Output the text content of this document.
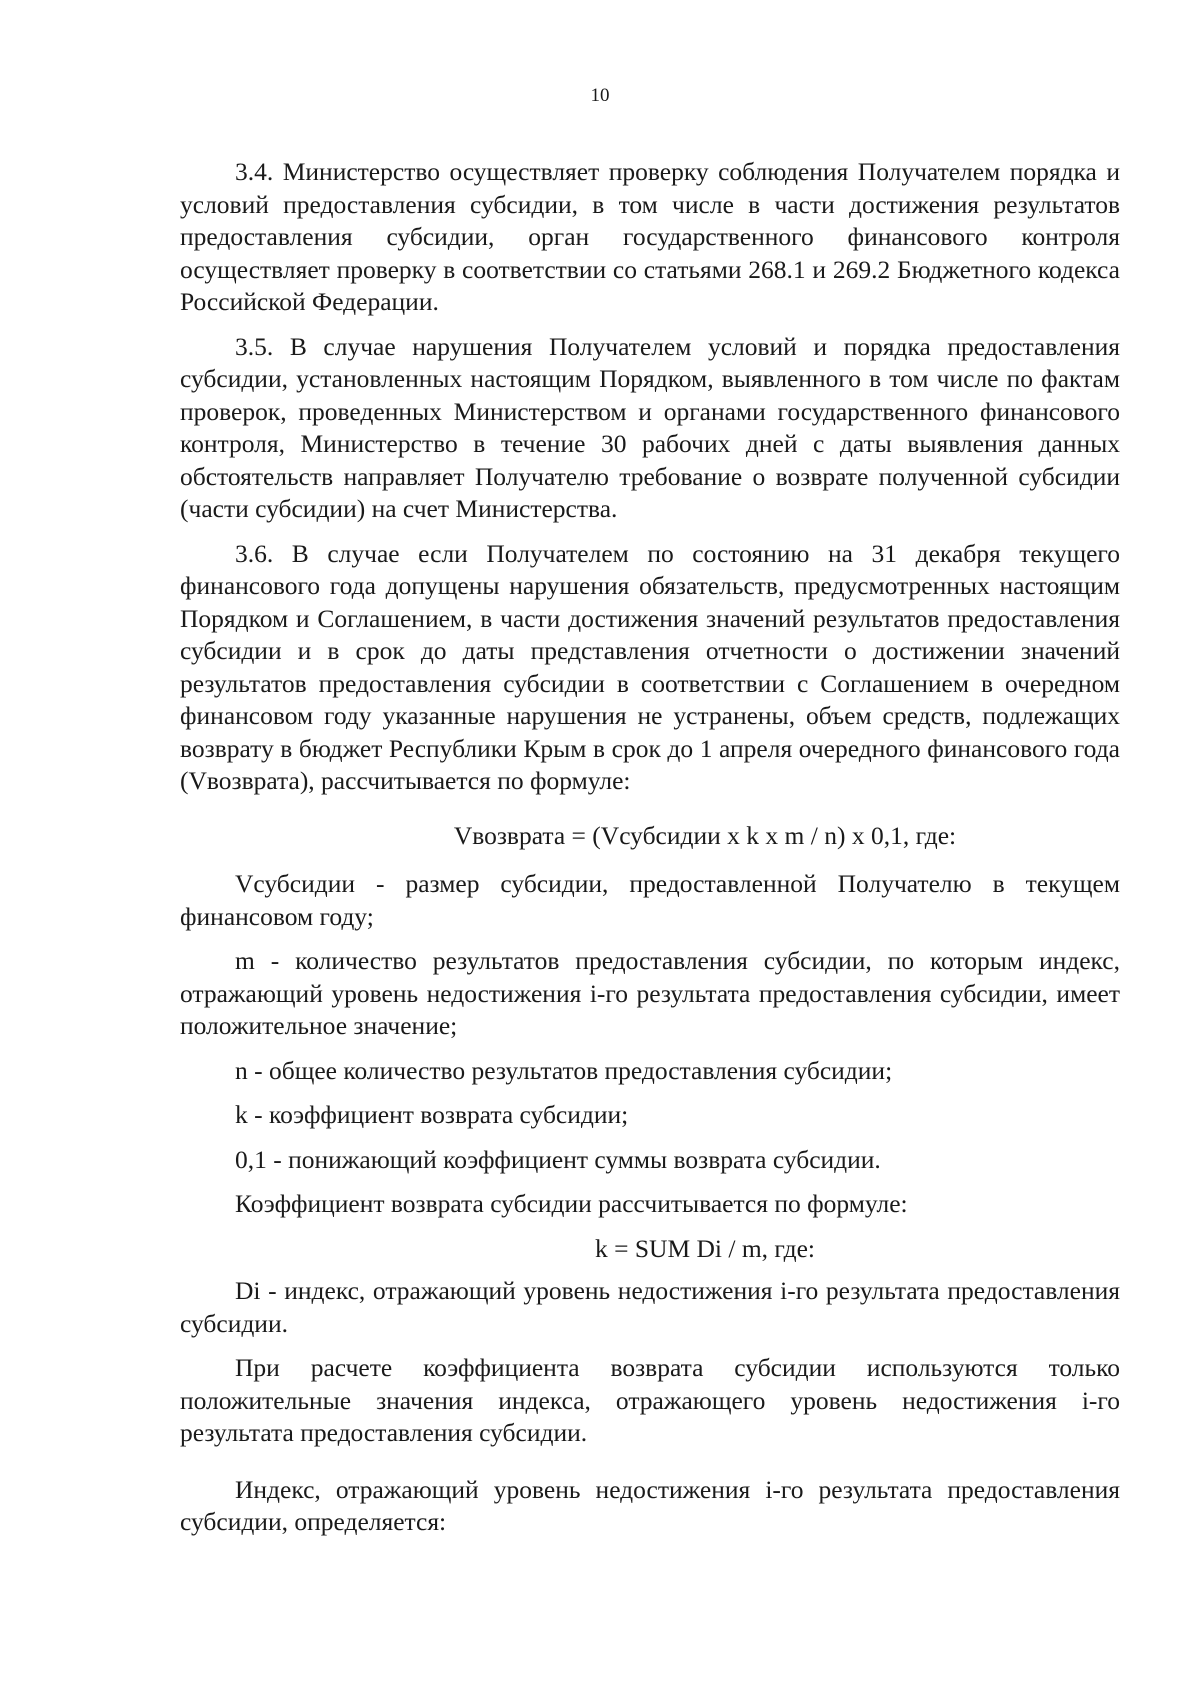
10

3.4. Министерство осуществляет проверку соблюдения Получателем порядка и условий предоставления субсидии, в том числе в части достижения результатов предоставления субсидии, орган государственного финансового контроля осуществляет проверку в соответствии со статьями 268.1 и 269.2 Бюджетного кодекса Российской Федерации.

3.5. В случае нарушения Получателем условий и порядка предоставления субсидии, установленных настоящим Порядком, выявленного в том числе по фактам проверок, проведенных Министерством и органами государственного финансового контроля, Министерство в течение 30 рабочих дней с даты выявления данных обстоятельств направляет Получателю требование о возврате полученной субсидии (части субсидии) на счет Министерства.

3.6. В случае если Получателем по состоянию на 31 декабря текущего финансового года допущены нарушения обязательств, предусмотренных настоящим Порядком и Соглашением, в части достижения значений результатов предоставления субсидии и в срок до даты представления отчетности о достижении значений результатов предоставления субсидии в соответствии с Соглашением в очередном финансовом году указанные нарушения не устранены, объем средств, подлежащих возврату в бюджет Республики Крым в срок до 1 апреля очередного финансового года (Vвозврата), рассчитывается по формуле:

Vвозврата = (Vсубсидии x k x m / n) x 0,1, где:

Vсубсидии - размер субсидии, предоставленной Получателю в текущем финансовом году;

m - количество результатов предоставления субсидии, по которым индекс, отражающий уровень недостижения i-го результата предоставления субсидии, имеет положительное значение;

n - общее количество результатов предоставления субсидии;

k - коэффициент возврата субсидии;

0,1 - понижающий коэффициент суммы возврата субсидии.

Коэффициент возврата субсидии рассчитывается по формуле:

k = SUM Di / m, где:

Di - индекс, отражающий уровень недостижения i-го результата предоставления субсидии.

При расчете коэффициента возврата субсидии используются только положительные значения индекса, отражающего уровень недостижения i-го результата предоставления субсидии.

Индекс, отражающий уровень недостижения i-го результата предоставления субсидии, определяется:
